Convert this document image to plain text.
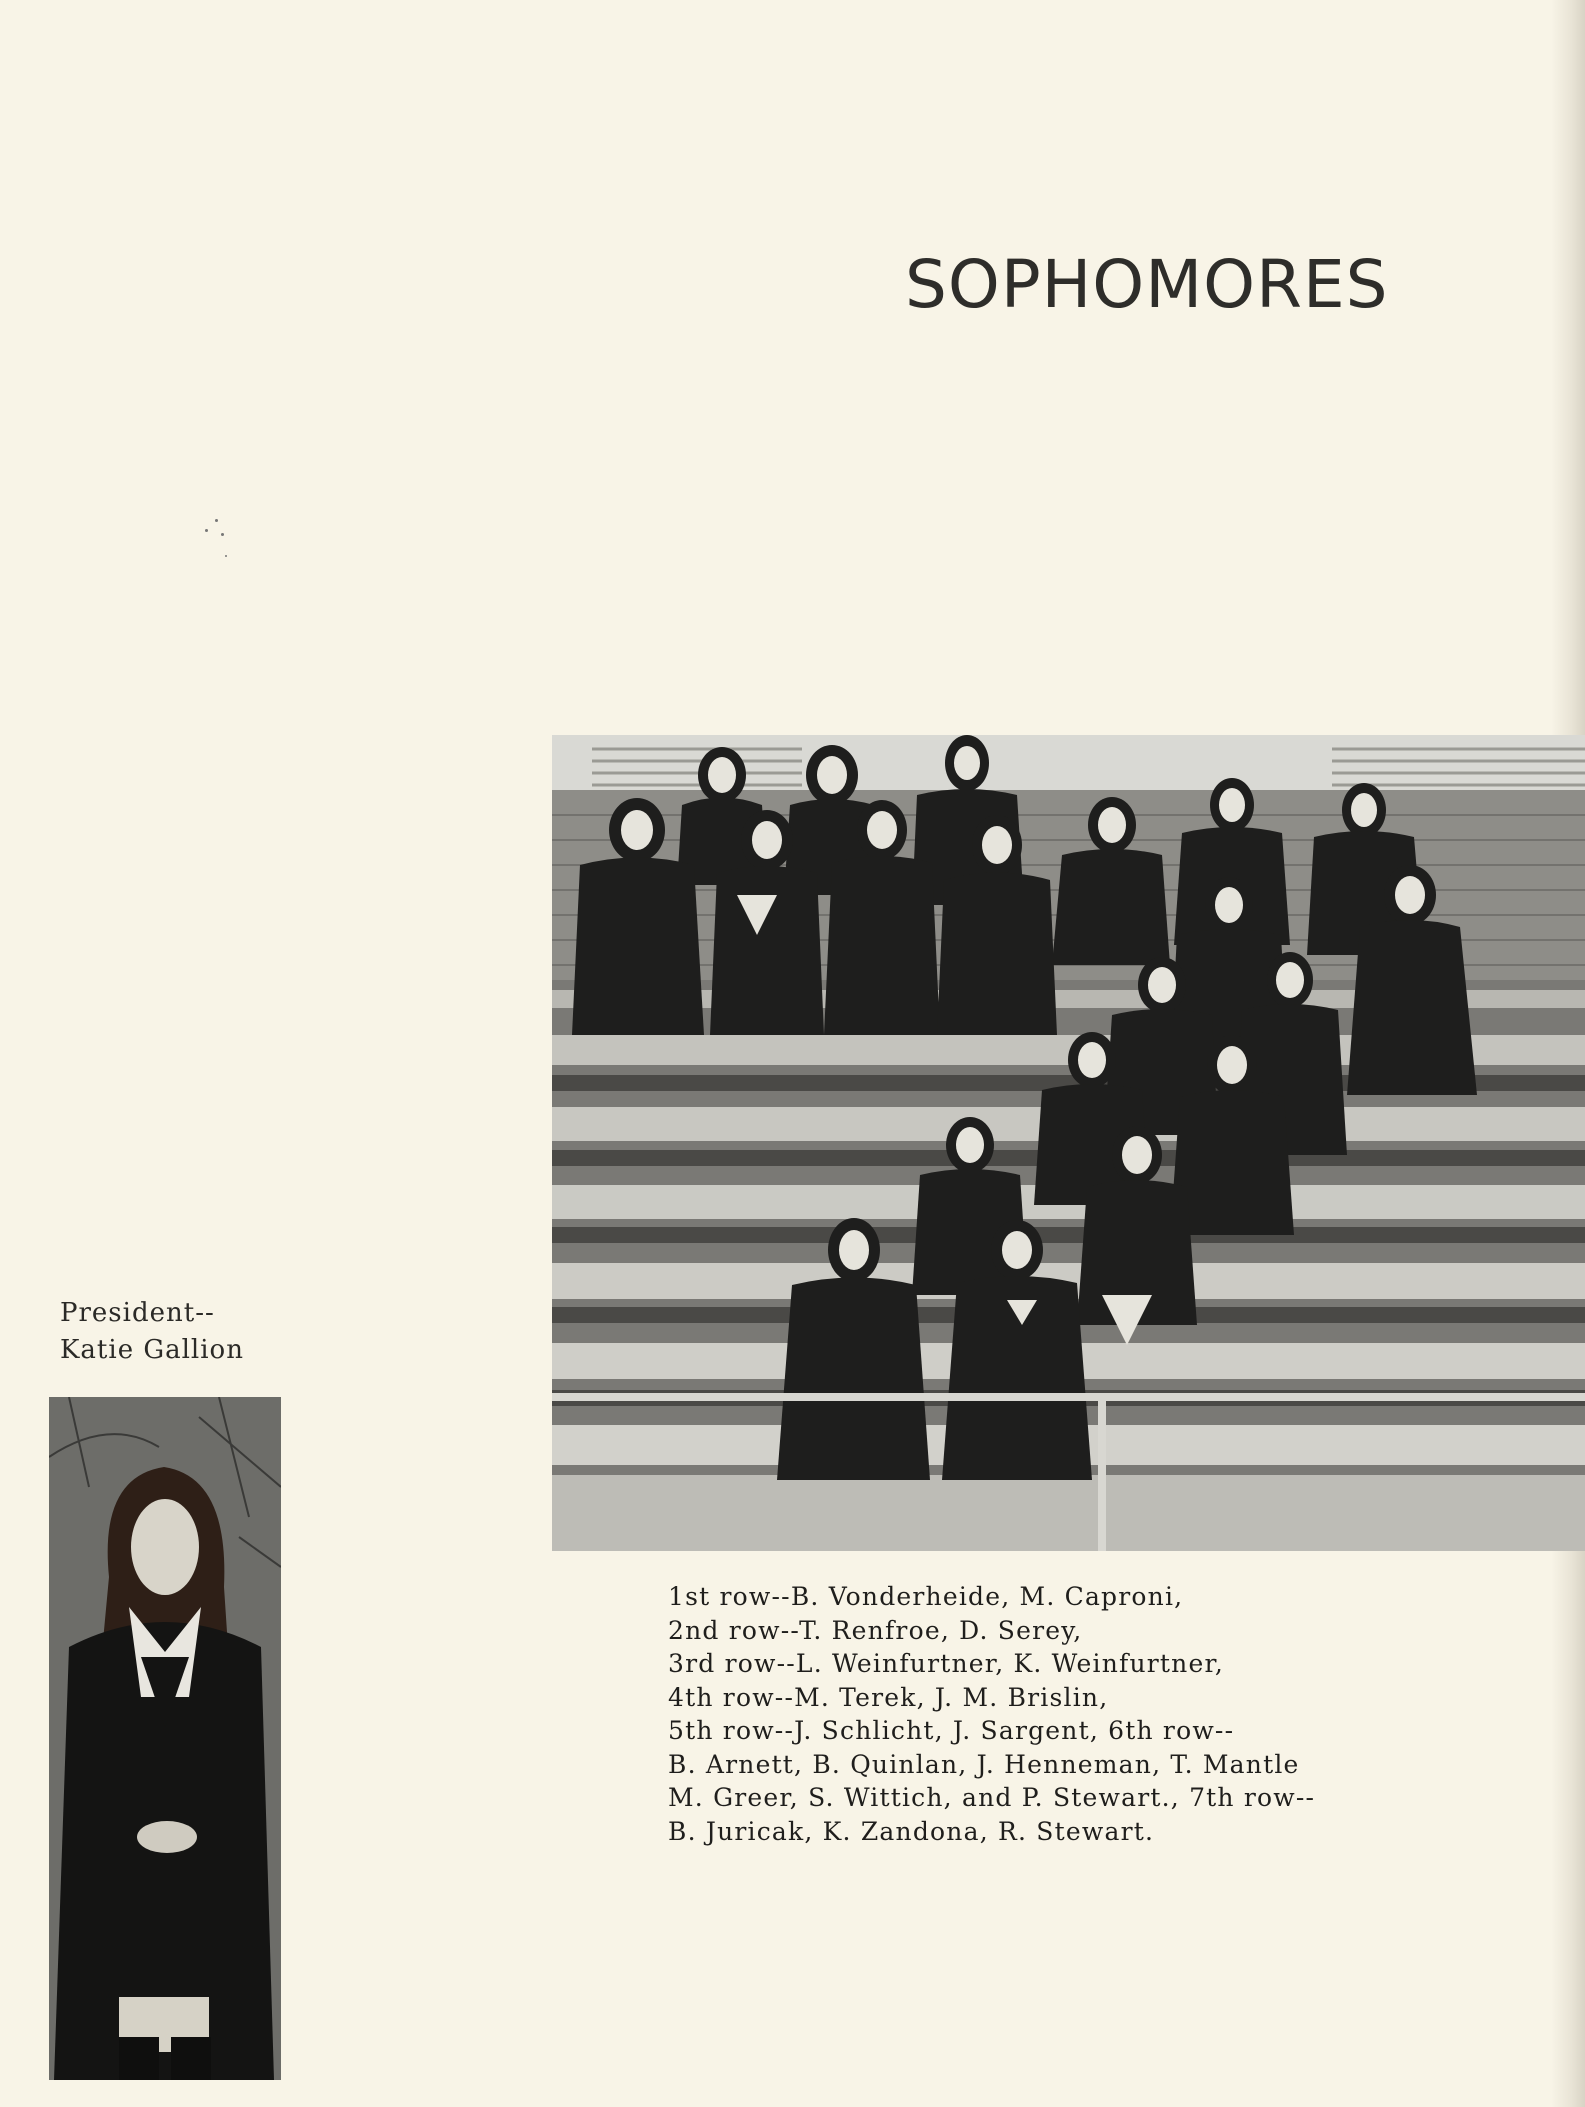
SOPHOMORES
President--
Katie Gallion
1st row--B. Vonderheide, M. Caproni,
2nd row--T. Renfroe, D. Serey,
3rd row--L. Weinfurtner, K. Weinfurtner,
4th row--M. Terek, J. M. Brislin,
5th row--J. Schlicht, J. Sargent, 6th row--
B. Arnett, B. Quinlan, J. Henneman, T. Mantle
M. Greer, S. Wittich, and P. Stewart., 7th row--
B. Juricak, K. Zandona, R. Stewart.
